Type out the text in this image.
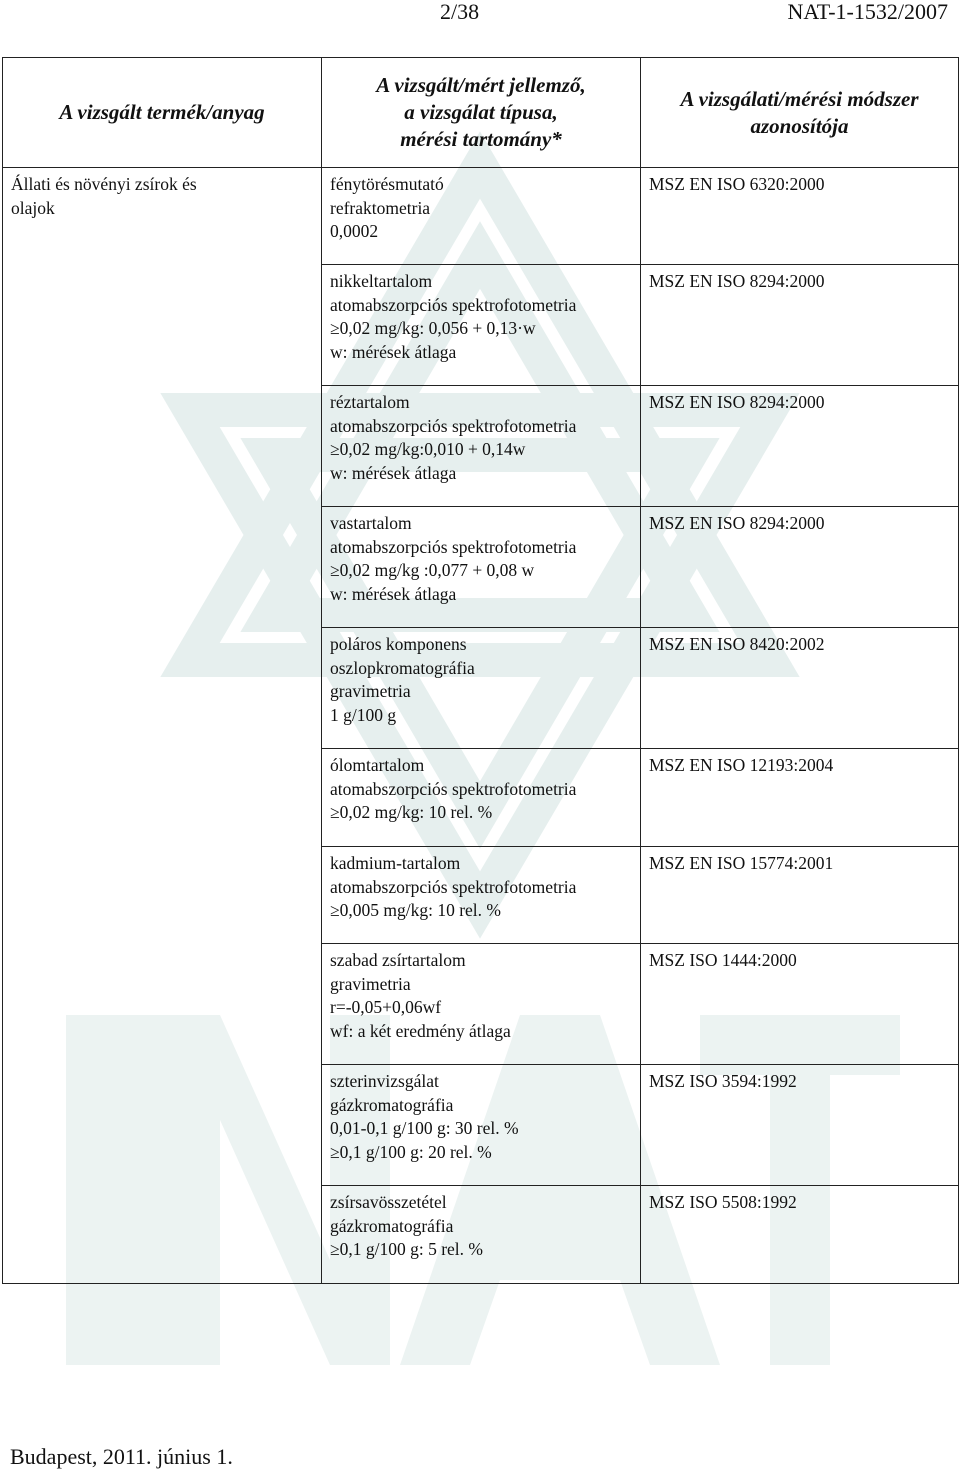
2/38	NAT-1-1532/2007
A vizsgált termék/anyag	A vizsgált/mért jellemző,
a vizsgálat típusa,
mérési tartomány*	A vizsgálati/mérési módszer
azonosítója

Állati és növényi zsírok és
olajok	fénytörésmutató
refraktometria
0,0002	MSZ EN ISO 6320:2000

	nikkeltartalom
atomabszorpciós spektrofotometria
≥0,02 mg/kg: 0,056 + 0,13·w
w: mérések átlaga	MSZ EN ISO 8294:2000

	réztartalom
atomabszorpciós spektrofotometria
≥0,02 mg/kg:0,010 + 0,14w
w: mérések átlaga	MSZ EN ISO 8294:2000

	vastartalom
atomabszorpciós spektrofotometria
≥0,02 mg/kg :0,077 + 0,08 w
w: mérések átlaga	MSZ EN ISO 8294:2000

	poláros komponens
oszlopkromatográfia
gravimetria
1 g/100 g	MSZ EN ISO 8420:2002

	ólomtartalom
atomabszorpciós spektrofotometria
≥0,02 mg/kg: 10 rel. %	MSZ EN ISO 12193:2004

	kadmium-tartalom
atomabszorpciós spektrofotometria
≥0,005 mg/kg: 10 rel. %	MSZ EN ISO 15774:2001

	szabad zsírtartalom
gravimetria
r=-0,05+0,06wf
wf: a két eredmény átlaga	MSZ ISO 1444:2000

	szterinvizsgálat
gázkromatográfia
0,01-0,1 g/100 g: 30 rel. %
≥0,1 g/100 g: 20 rel. %	MSZ ISO 3594:1992

	zsírsavösszetétel
gázkromatográfia
≥0,1 g/100 g: 5 rel. %	MSZ ISO 5508:1992
Budapest, 2011. június 1.
